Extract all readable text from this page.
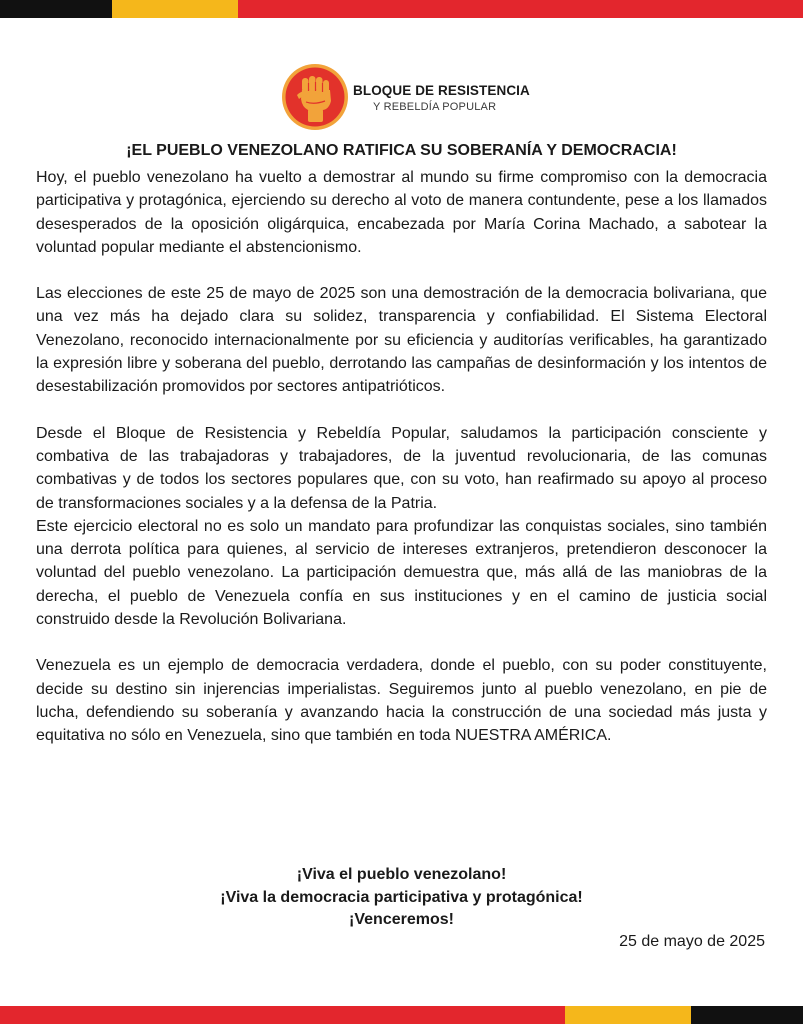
BLOQUE DE RESISTENCIA
Y REBELDÍA POPULAR
¡EL PUEBLO VENEZOLANO RATIFICA SU SOBERANÍA Y DEMOCRACIA!

Hoy, el pueblo venezolano ha vuelto a demostrar al mundo su firme compromiso con la democracia participativa y protagónica, ejerciendo su derecho al voto de manera contundente, pese a los llamados desesperados de la oposición oligárquica, encabezada por María Corina Machado, a sabotear la voluntad popular mediante el abstencionismo.

Las elecciones de este 25 de mayo de 2025 son una demostración de la democracia bolivariana, que una vez más ha dejado clara su solidez, transparencia y confiabilidad. El Sistema Electoral Venezolano, reconocido internacionalmente por su eficiencia y auditorías verificables, ha garantizado la expresión libre y soberana del pueblo, derrotando las campañas de desinformación y los intentos de desestabilización promovidos por sectores antipatrióticos.

Desde el Bloque de Resistencia y Rebeldía Popular, saludamos la participación consciente y combativa de las trabajadoras y trabajadores, de la juventud revolucionaria, de las comunas combativas y de todos los sectores populares que, con su voto, han reafirmado su apoyo al proceso de transformaciones sociales y a la defensa de la Patria.

Este ejercicio electoral no es solo un mandato para profundizar las conquistas sociales, sino también una derrota política para quienes, al servicio de intereses extranjeros, pretendieron desconocer la voluntad del pueblo venezolano. La participación demuestra que, más allá de las maniobras de la derecha, el pueblo de Venezuela confía en sus instituciones y en el camino de justicia social construido desde la Revolución Bolivariana.

Venezuela es un ejemplo de democracia verdadera, donde el pueblo, con su poder constituyente, decide su destino sin injerencias imperialistas. Seguiremos junto al pueblo venezolano, en pie de lucha, defendiendo su soberanía y avanzando hacia la construcción de una sociedad más justa y equitativa no sólo en Venezuela, sino que también en toda NUESTRA AMÉRICA.

¡Viva el pueblo venezolano!
¡Viva la democracia participativa y protagónica!
¡Venceremos!
25 de mayo de 2025
